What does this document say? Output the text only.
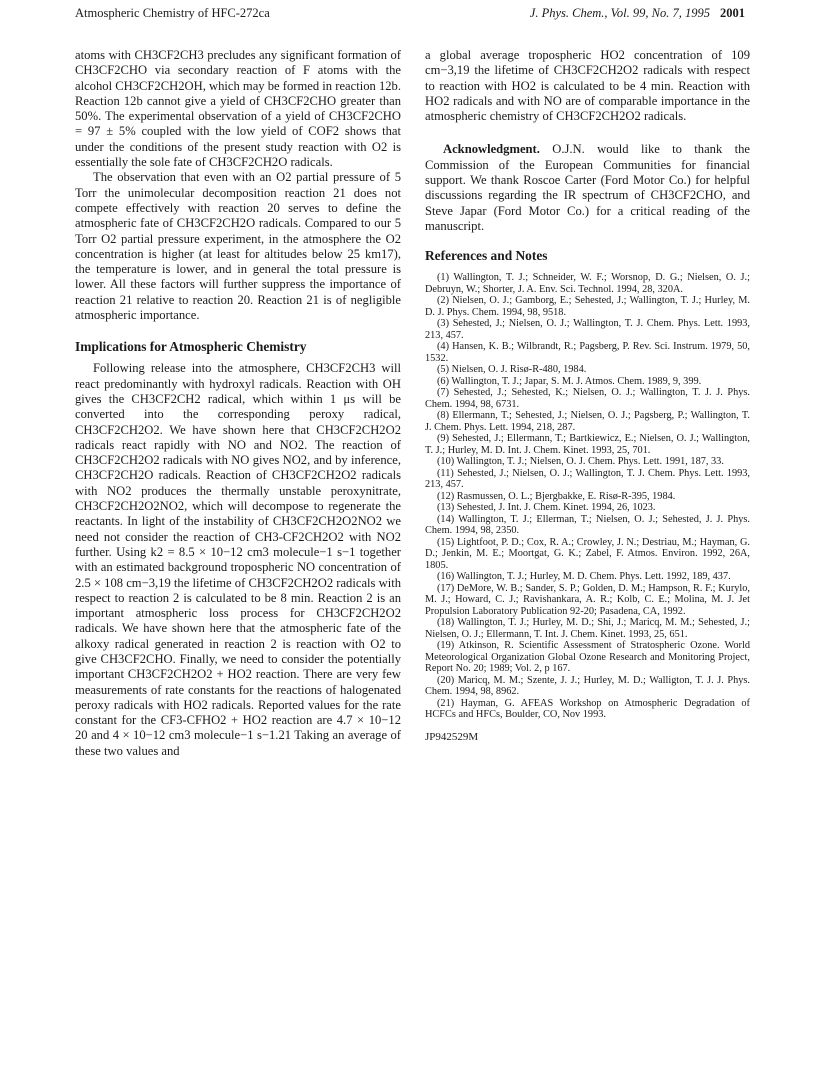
Atmospheric Chemistry of HFC-272ca	J. Phys. Chem., Vol. 99, No. 7, 1995 2001

atoms with CH3CF2CH3 precludes any significant formation of CH3CF2CHO via secondary reaction of F atoms with the alcohol CH3CF2CH2OH, which may be formed in reaction 12b. Reaction 12b cannot give a yield of CH3CF2CHO greater than 50%. The experimental observation of a yield of CH3CF2CHO = 97 ± 5% coupled with the low yield of COF2 shows that under the conditions of the present study reaction with O2 is essentially the sole fate of CH3CF2CH2O radicals.

The observation that even with an O2 partial pressure of 5 Torr the unimolecular decomposition reaction 21 does not compete effectively with reaction 20 serves to define the atmospheric fate of CH3CF2CH2O radicals. Compared to our 5 Torr O2 partial pressure experiment, in the atmosphere the O2 concentration is higher (at least for altitudes below 25 km17), the temperature is lower, and in general the total pressure is lower. All these factors will further suppress the importance of reaction 21 relative to reaction 20. Reaction 21 is of negligible atmospheric importance.

Implications for Atmospheric Chemistry

Following release into the atmosphere, CH3CF2CH3 will react predominantly with hydroxyl radicals. Reaction with OH gives the CH3CF2CH2 radical, which within 1 μs will be converted into the corresponding peroxy radical, CH3CF2CH2O2. We have shown here that CH3CF2CH2O2 radicals react rapidly with NO and NO2. The reaction of CH3CF2CH2O2 radicals with NO gives NO2, and by inference, CH3CF2CH2O radicals. Reaction of CH3CF2CH2O2 radicals with NO2 produces the thermally unstable peroxynitrate, CH3CF2CH2O2NO2, which will decompose to regenerate the reactants. In light of the instability of CH3CF2CH2O2NO2 we need not consider the reaction of CH3-CF2CH2O2 with NO2 further. Using k2 = 8.5 × 10−12 cm3 molecule−1 s−1 together with an estimated background tropospheric NO concentration of 2.5 × 108 cm−3,19 the lifetime of CH3CF2CH2O2 radicals with respect to reaction 2 is calculated to be 8 min. Reaction 2 is an important atmospheric loss process for CH3CF2CH2O2 radicals. We have shown here that the atmospheric fate of the alkoxy radical generated in reaction 2 is reaction with O2 to give CH3CF2CHO. Finally, we need to consider the potentially important CH3CF2CH2O2 + HO2 reaction. There are very few measurements of rate constants for the reactions of halogenated peroxy radicals with HO2 radicals. Reported values for the rate constant for the CF3-CFHO2 + HO2 reaction are 4.7 × 10−12 20 and 4 × 10−12 cm3 molecule−1 s−1.21 Taking an average of these two values and

a global average tropospheric HO2 concentration of 109 cm−3,19 the lifetime of CH3CF2CH2O2 radicals with respect to reaction with HO2 is calculated to be 4 min. Reaction with HO2 radicals and with NO are of comparable importance in the atmospheric chemistry of CH3CF2CH2O2 radicals.

Acknowledgment. O.J.N. would like to thank the Commission of the European Communities for financial support. We thank Roscoe Carter (Ford Motor Co.) for helpful discussions regarding the IR spectrum of CH3CF2CHO, and Steve Japar (Ford Motor Co.) for a critical reading of the manuscript.

References and Notes

(1) Wallington, T. J.; Schneider, W. F.; Worsnop, D. G.; Nielsen, O. J.; Debruyn, W.; Shorter, J. A. Env. Sci. Technol. 1994, 28, 320A.

(2) Nielsen, O. J.; Gamborg, E.; Sehested, J.; Wallington, T. J.; Hurley, M. D. J. Phys. Chem. 1994, 98, 9518.

(3) Sehested, J.; Nielsen, O. J.; Wallington, T. J. Chem. Phys. Lett. 1993, 213, 457.

(4) Hansen, K. B.; Wilbrandt, R.; Pagsberg, P. Rev. Sci. Instrum. 1979, 50, 1532.

(5) Nielsen, O. J. Risø-R-480, 1984.

(6) Wallington, T. J.; Japar, S. M. J. Atmos. Chem. 1989, 9, 399.

(7) Sehested, J.; Sehested, K.; Nielsen, O. J.; Wallington, T. J. J. Phys. Chem. 1994, 98, 6731.

(8) Ellermann, T.; Sehested, J.; Nielsen, O. J.; Pagsberg, P.; Wallington, T. J. Chem. Phys. Lett. 1994, 218, 287.

(9) Sehested, J.; Ellermann, T.; Bartkiewicz, E.; Nielsen, O. J.; Wallington, T. J.; Hurley, M. D. Int. J. Chem. Kinet. 1993, 25, 701.

(10) Wallington, T. J.; Nielsen, O. J. Chem. Phys. Lett. 1991, 187, 33.

(11) Sehested, J.; Nielsen, O. J.; Wallington, T. J. Chem. Phys. Lett. 1993, 213, 457.

(12) Rasmussen, O. L.; Bjergbakke, E. Risø-R-395, 1984.

(13) Sehested, J. Int. J. Chem. Kinet. 1994, 26, 1023.

(14) Wallington, T. J.; Ellerman, T.; Nielsen, O. J.; Sehested, J. J. Phys. Chem. 1994, 98, 2350.

(15) Lightfoot, P. D.; Cox, R. A.; Crowley, J. N.; Destriau, M.; Hayman, G. D.; Jenkin, M. E.; Moortgat, G. K.; Zabel, F. Atmos. Environ. 1992, 26A, 1805.

(16) Wallington, T. J.; Hurley, M. D. Chem. Phys. Lett. 1992, 189, 437.

(17) DeMore, W. B.; Sander, S. P.; Golden, D. M.; Hampson, R. F.; Kurylo, M. J.; Howard, C. J.; Ravishankara, A. R.; Kolb, C. E.; Molina, M. J. Jet Propulsion Laboratory Publication 92-20; Pasadena, CA, 1992.

(18) Wallington, T. J.; Hurley, M. D.; Shi, J.; Maricq, M. M.; Sehested, J.; Nielsen, O. J.; Ellermann, T. Int. J. Chem. Kinet. 1993, 25, 651.

(19) Atkinson, R. Scientific Assessment of Stratospheric Ozone. World Meteorological Organization Global Ozone Research and Monitoring Project, Report No. 20; 1989; Vol. 2, p 167.

(20) Maricq, M. M.; Szente, J. J.; Hurley, M. D.; Walligton, T. J. J. Phys. Chem. 1994, 98, 8962.

(21) Hayman, G. AFEAS Workshop on Atmospheric Degradation of HCFCs and HFCs, Boulder, CO, Nov 1993.

JP942529M
